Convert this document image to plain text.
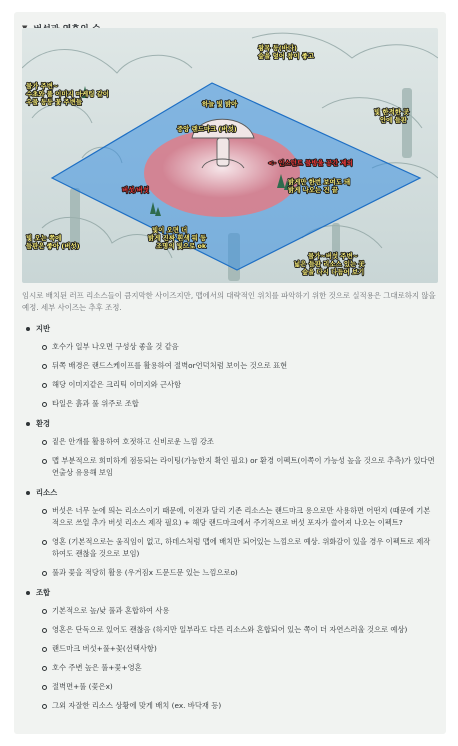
물가 주변~
수초와 풀 이미지 마케팅 같이
우물 등등 꽃 주변들
왕목 등(바다)
숲을 덮어 참이 좋고
하늘 빛 밝아
중앙 랜드마크 (버섯)
빛 한적한 곳
안에 들판
<- 인스턴트 물방울 공간 제외
밝게만 한번 보여도 돼
밝게 나오는 건 끝
버섯/버섯
빛이 오면 더
밝게 진짜 흰색 뭐 등
조명의 빛으로 ok
빛 오는 쪽에
들판은 좋아 (버섯)
물가~버섯 주변~
넓은 들판 리소스 있는 곳
숲을 다시 다듬어 보기
임시로 배치된 러프 리소스들이 큼지막한 사이즈지만, 맵에서의 대략적인 위치를 파악하기 위한 것으로 실적용은 그대로하지 않을 예정. 세부 사이즈는 추후 조정.
지반
호수가 일부 나오면 구성상 좋을 것 같음
뒤쪽 배경은 랜드스케이프를 활용하여 절벽or언덕처럼 보이는 것으로 표현
해당 이미지같은 크리틱 이미지와 근사함
타일은 흙과 풀 위주로 조합
환경
짙은 안개를 활용하여 호젓하고 신비로운 느낌 강조
맵 부분적으로 희미하게 점등되는 라이팅(가능한지 확인 필요) or 환경 이펙트(이쪽이 가능성 높을 것으로 추측)가 있다면 연출상 유용해 보임
리소스
버섯은 너무 눈에 띄는 리소스이기 때문에, 이전과 달리 기존 리소스는 랜드마크 용으로만 사용하면 어떤지 (때문에 기본적으로 쓰일 추가 버섯 리소스 제작 필요) + 해당 랜드마크에서 주기적으로 버섯 포자가 쓸어져 나오는 이펙트?
영혼 (기본적으로는 움직임이 없고, 하데스처럼 맵에 배치만 되어있는 느낌으로 예상. 위화감이 있을 경우 이펙트로 제작하여도 괜찮을 것으로 보임)
풀과 꽃을 적당히 활용 (우거짐x 드문드문 있는 느낌으로o)
조합
기본적으로 높/낮 풀과 혼합하여 사용
영혼은 단독으로 있어도 괜찮음 (하지만 일부라도 다른 리소스와 혼합되어 있는 쪽이 더 자연스러울 것으로 예상)
랜드마크 버섯+풀+꽃(선택사항)
호수 주변 높은 풀+꽃+영혼
절벽면+풀 (꽃은x)
그외 자잘한 리소스 상황에 맞게 배치 (ex. 바닥재 등)
